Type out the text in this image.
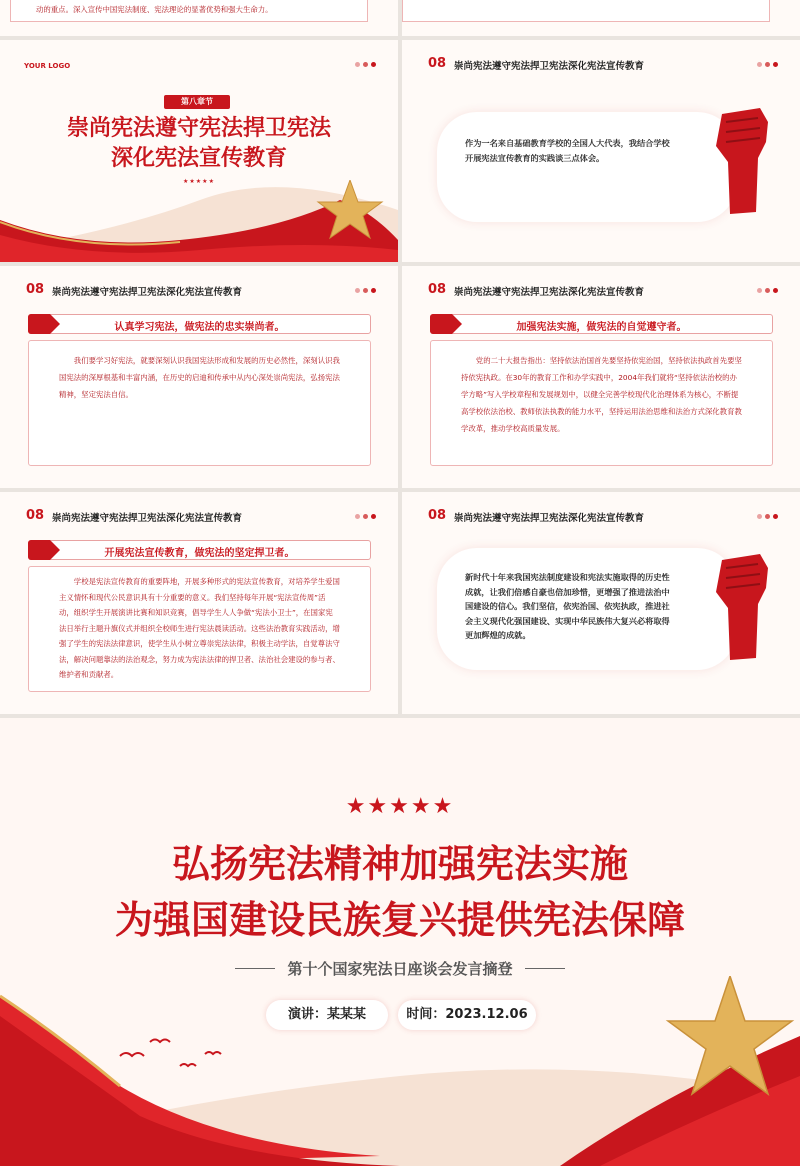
动的重点。深入宣传中国宪法制度、宪法理论的显著优势和强大生命力。
YOUR LOGO
第八章节
崇尚宪法遵守宪法捍卫宪法
深化宪法宣传教育
★★★★★
08 崇尚宪法遵守宪法捍卫宪法深化宪法宣传教育
作为一名来自基础教育学校的全国人大代表，我结合学校开展宪法宣传教育的实践谈三点体会。
08 崇尚宪法遵守宪法捍卫宪法深化宪法宣传教育
认真学习宪法，做宪法的忠实崇尚者。
我们要学习好宪法，就要深刻认识我国宪法形成和发展的历史必然性，深刻认识我国宪法的深厚根基和丰富内涵，在历史的启迪和传承中从内心深处崇尚宪法，弘扬宪法精神，坚定宪法自信。
08 崇尚宪法遵守宪法捍卫宪法深化宪法宣传教育
加强宪法实施，做宪法的自觉遵守者。
党的二十大报告指出：坚持依法治国首先要坚持依宪治国，坚持依法执政首先要坚持依宪执政。在30年的教育工作和办学实践中，2004年我们就将“坚持依法治校的办学方略”写入学校章程和发展规划中，以健全完善学校现代化治理体系为核心，不断提高学校依法治校、教师依法执教的能力水平，坚持运用法治思维和法治方式深化教育教学改革，推动学校高质量发展。
08 崇尚宪法遵守宪法捍卫宪法深化宪法宣传教育
开展宪法宣传教育，做宪法的坚定捍卫者。
学校是宪法宣传教育的重要阵地，开展多种形式的宪法宣传教育，对培养学生爱国主义情怀和现代公民意识具有十分重要的意义。我们坚持每年开展“宪法宣传周”活动，组织学生开展演讲比赛和知识竞赛，倡导学生人人争做“宪法小卫士”，在国家宪法日举行主题升旗仪式并组织全校师生进行宪法晨读活动。这些法治教育实践活动，增强了学生的宪法法律意识，使学生从小树立尊崇宪法法律，积极主动学法，自觉尊法守法，解决问题靠法的法治观念，努力成为宪法法律的捍卫者、法治社会建设的参与者、维护者和贡献者。
08 崇尚宪法遵守宪法捍卫宪法深化宪法宣传教育
新时代十年来我国宪法制度建设和宪法实施取得的历史性成就，让我们倍感自豪也倍加珍惜，更增强了推进法治中国建设的信心。我们坚信，依宪治国、依宪执政，推进社会主义现代化强国建设、实现中华民族伟大复兴必将取得更加辉煌的成就。
★★★★★
弘扬宪法精神加强宪法实施
为强国建设民族复兴提供宪法保障
第十个国家宪法日座谈会发言摘登
演讲：某某某	时间：2023.12.06
